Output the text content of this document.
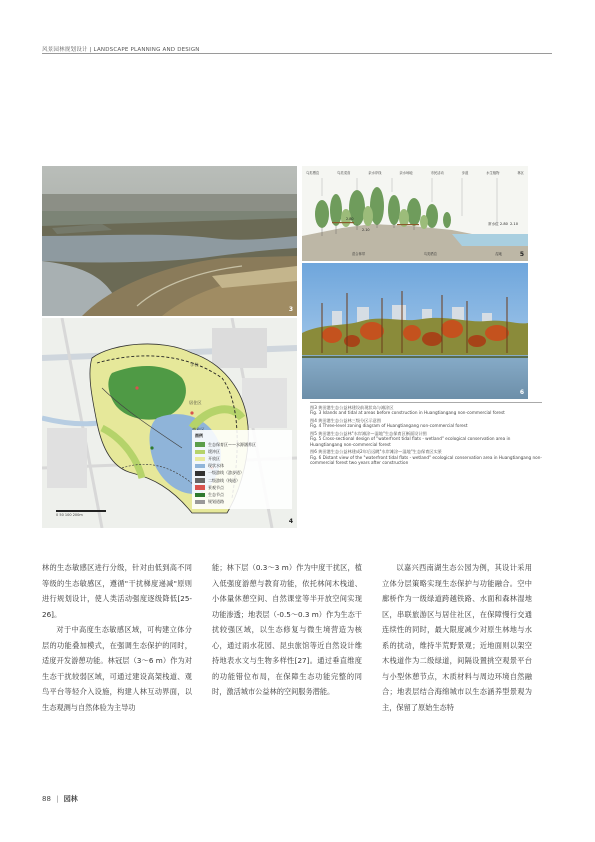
风景园林规划设计 | LANDSCAPE PLANNING AND DESIGN
3
学校
居住区
图例
生态保育区——水源涵养区
缓冲区
开放区
现状水体
一级游线（游步道）
二级游线（栈道）
景观节点
生态节点
规划道路
0 50 100 200m
4
乌类栖息	鸟类觅食	亲水岸线	亲水场地	市民活动	步道	水生植物	林区
常水位 2.80 2.10
2.80
2.10
混合林带	鸟类栖息	湿地	5
6

图3 黄田港生态公益林建设前现状岛与滩涂区
Fig. 3 Islands and tidal at areas before construction in Huangtiangang non-commercial forest

图4 黄田港生态公益林三级分区示意图
Fig. 4 Three-level zoning diagram of Huangtiangang non-commercial forest

图5 黄田港生态公益林"水岸滩涂—湿地"生态保育区断面设计图
Fig. 5 Cross-sectional design of "waterfront tidal flats - wetland" ecological conservation area in Huangtiangang non-commercial forest

图6 黄田港生态公益林建成2年后远眺"水岸滩涂—湿地"生态保育区实景
Fig. 6 Distant view of the "waterfront tidal flats - wetland" ecological conservation area in Huangtiangang non-commercial forest two years after construction

林的生态敏感区进行分级，针对由低到高不同等级的生态敏感区，遵循"干扰梯度递减"原则进行规划设计，使人类活动强度逐级降低[25-26]。

对于中高度生态敏感区域，可构建立体分层的功能叠加模式，在强调生态保护的同时，适度开发游憩功能。林冠层（3～6 m）作为对生态干扰较弱区域，可通过建设高架栈道、观鸟平台等轻介入设施，构建人林互动界面，以生态观测与自然体验为主导功

能；林下层（0.3～3 m）作为中度干扰区，植入低强度游憩与教育功能，依托林间木栈道、小体量休憩空间、自然课堂等半开放空间实现功能渗透；地表层（-0.5～0.3 m）作为生态干扰较强区域，以生态修复与微生境营造为核心，通过雨水花园、昆虫旅馆等近自然设计维持地表水文与生物多样性[27]。通过垂直维度的功能错位布局，在保障生态功能完整的同时，激活城市公益林的空间服务潜能。

以嘉兴西南湖生态公园为例，其设计采用立体分层策略实现生态保护与功能融合。空中廊桥作为一级绿道跨越铁路、水面和森林湿地区，串联旅游区与居住社区，在保障慢行交通连续性的同时，最大限度减少对原生林地与水系的扰动，维持半荒野景观；近地面则以架空木栈道作为二级绿道，间隔设置挑空观景平台与小型休憩节点，木质材料与周边环境自然融合；地表层结合海绵城市以生态涵养型景观为主，保留了原始生态特

88 | 园林
